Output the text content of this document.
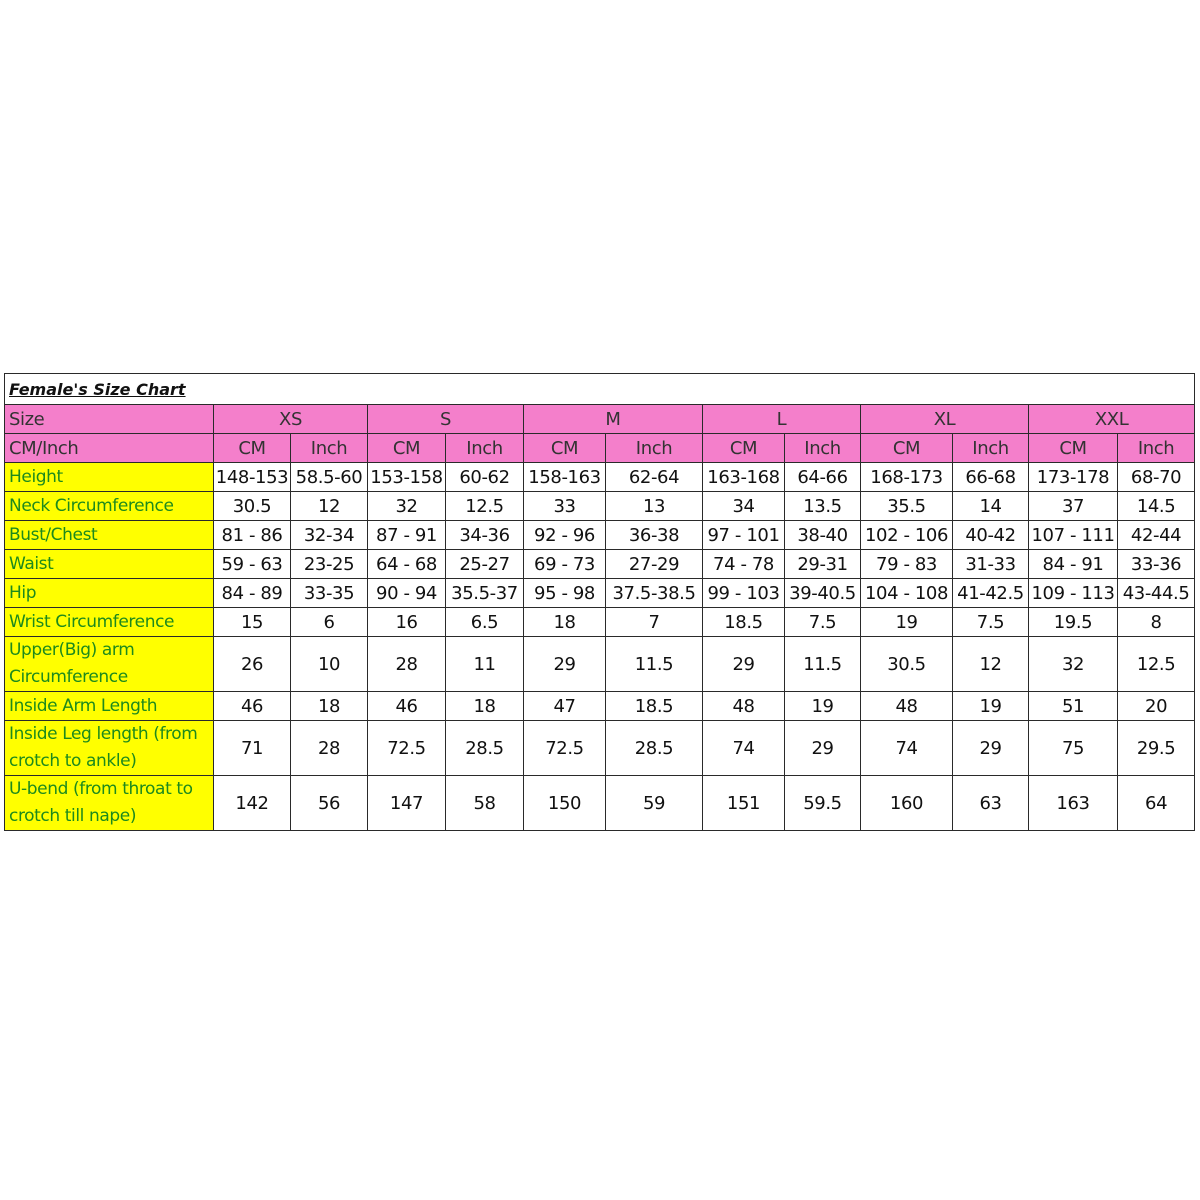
Female's Size Chart												
Size	XS		S		M		L		XL		XXL	
CM/Inch	CM	Inch	CM	Inch	CM	Inch	CM	Inch	CM	Inch	CM	Inch
Height	148-153	58.5-60	153-158	60-62	158-163	62-64	163-168	64-66	168-173	66-68	173-178	68-70
Neck Circumference	30.5	12	32	12.5	33	13	34	13.5	35.5	14	37	14.5
Bust/Chest	81 - 86	32-34	87 - 91	34-36	92 - 96	36-38	97 - 101	38-40	102 - 106	40-42	107 - 111	42-44
Waist	59 - 63	23-25	64 - 68	25-27	69 - 73	27-29	74 - 78	29-31	79 - 83	31-33	84 - 91	33-36
Hip	84 - 89	33-35	90 - 94	35.5-37	95 - 98	37.5-38.5	99 - 103	39-40.5	104 - 108	41-42.5	109 - 113	43-44.5
Wrist Circumference	15	6	16	6.5	18	7	18.5	7.5	19	7.5	19.5	8
Upper(Big) arm Circumference	26	10	28	11	29	11.5	29	11.5	30.5	12	32	12.5
Inside Arm Length	46	18	46	18	47	18.5	48	19	48	19	51	20
Inside Leg length (from crotch to ankle)	71	28	72.5	28.5	72.5	28.5	74	29	74	29	75	29.5
U-bend (from throat to crotch till nape)	142	56	147	58	150	59	151	59.5	160	63	163	64
